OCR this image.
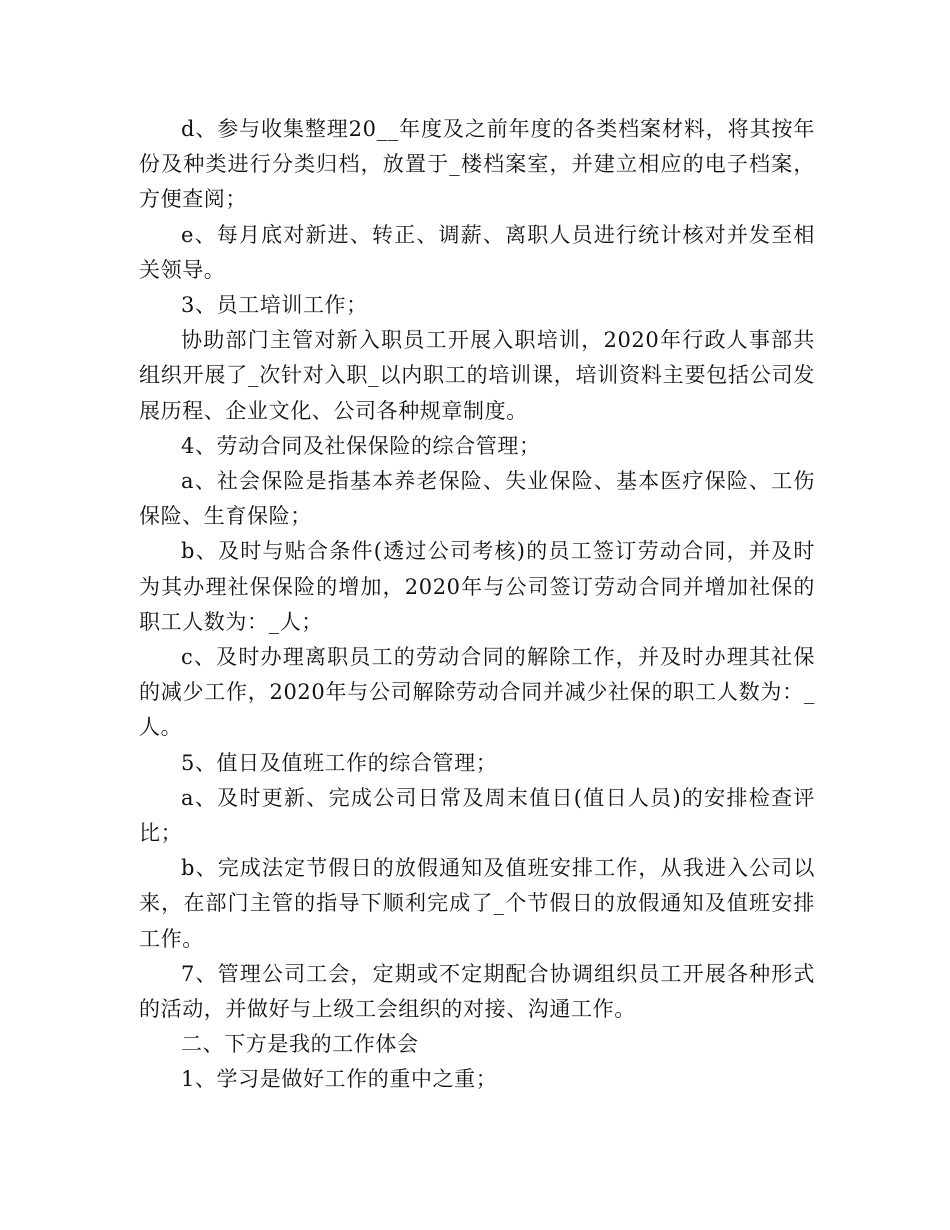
d、参与收集整理20__年度及之前年度的各类档案材料，将其按年份及种类进行分类归档，放置于_楼档案室，并建立相应的电子档案，方便查阅；

e、每月底对新进、转正、调薪、离职人员进行统计核对并发至相关领导。

3、员工培训工作；

协助部门主管对新入职员工开展入职培训，2020年行政人事部共组织开展了_次针对入职_以内职工的培训课，培训资料主要包括公司发展历程、企业文化、公司各种规章制度。

4、劳动合同及社保保险的综合管理；

a、社会保险是指基本养老保险、失业保险、基本医疗保险、工伤保险、生育保险；

b、及时与贴合条件(透过公司考核)的员工签订劳动合同，并及时为其办理社保保险的增加，2020年与公司签订劳动合同并增加社保的职工人数为：_人；

c、及时办理离职员工的劳动合同的解除工作，并及时办理其社保的减少工作，2020年与公司解除劳动合同并减少社保的职工人数为：_人。

5、值日及值班工作的综合管理；

a、及时更新、完成公司日常及周末值日(值日人员)的安排检查评比；

b、完成法定节假日的放假通知及值班安排工作，从我进入公司以来，在部门主管的指导下顺利完成了_个节假日的放假通知及值班安排工作。

7、管理公司工会，定期或不定期配合协调组织员工开展各种形式的活动，并做好与上级工会组织的对接、沟通工作。

二、下方是我的工作体会

1、学习是做好工作的重中之重；
